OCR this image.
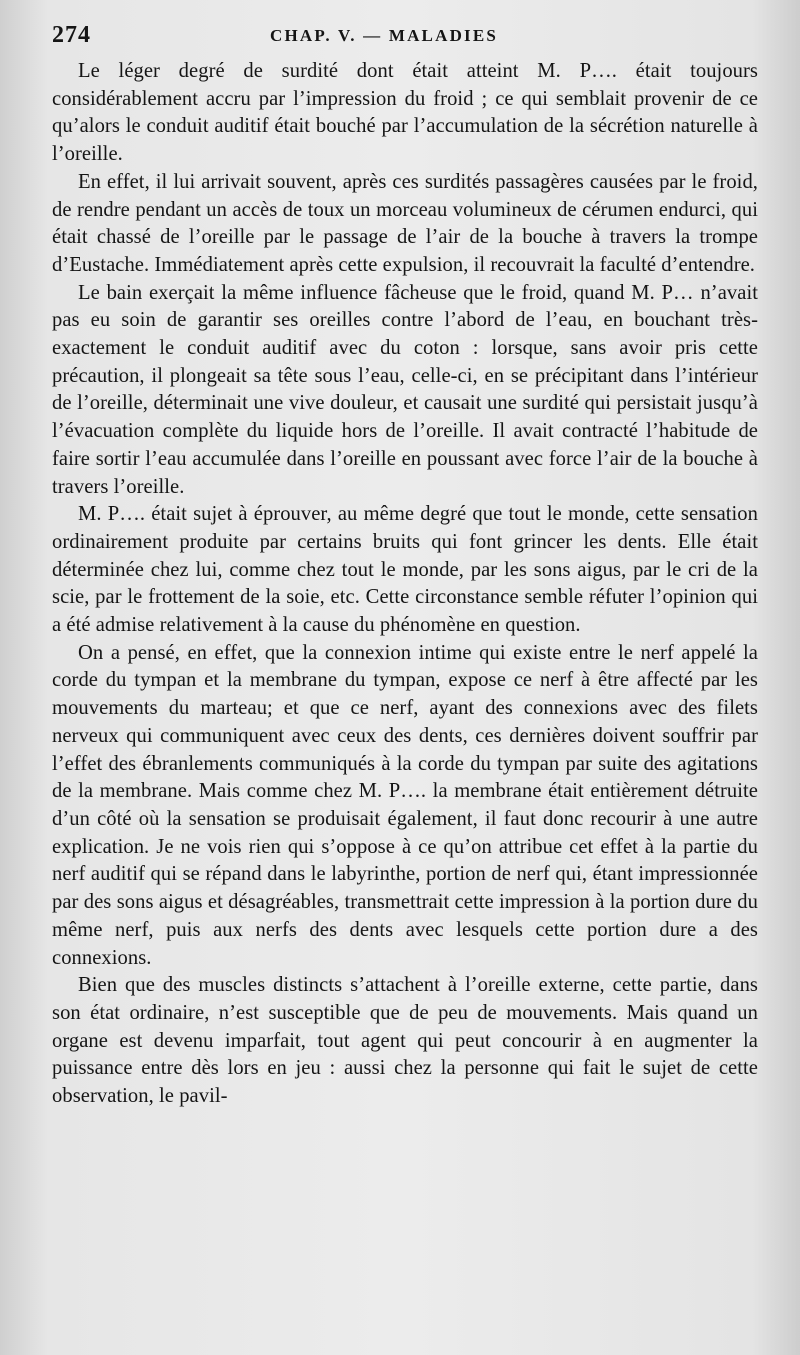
274	CHAP. V. — MALADIES

Le léger degré de surdité dont était atteint M. P…. était toujours considérablement accru par l’impression du froid ; ce qui semblait provenir de ce qu’alors le conduit auditif était bouché par l’accumulation de la sécrétion naturelle à l’oreille.

En effet, il lui arrivait souvent, après ces surdités passagères causées par le froid, de rendre pendant un accès de toux un morceau volumineux de cérumen endurci, qui était chassé de l’oreille par le passage de l’air de la bouche à travers la trompe d’Eustache. Immédiatement après cette expulsion, il recouvrait la faculté d’entendre.

Le bain exerçait la même influence fâcheuse que le froid, quand M. P… n’avait pas eu soin de garantir ses oreilles contre l’abord de l’eau, en bouchant très-exactement le conduit auditif avec du coton : lorsque, sans avoir pris cette précaution, il plongeait sa tête sous l’eau, celle-ci, en se précipitant dans l’intérieur de l’oreille, déterminait une vive douleur, et causait une surdité qui persistait jusqu’à l’évacuation complète du liquide hors de l’oreille. Il avait contracté l’habitude de faire sortir l’eau accumulée dans l’oreille en poussant avec force l’air de la bouche à travers l’oreille.

M. P…. était sujet à éprouver, au même degré que tout le monde, cette sensation ordinairement produite par certains bruits qui font grincer les dents. Elle était déterminée chez lui, comme chez tout le monde, par les sons aigus, par le cri de la scie, par le frottement de la soie, etc. Cette circonstance semble réfuter l’opinion qui a été admise relativement à la cause du phénomène en question.

On a pensé, en effet, que la connexion intime qui existe entre le nerf appelé la corde du tympan et la membrane du tympan, expose ce nerf à être affecté par les mouvements du marteau; et que ce nerf, ayant des connexions avec des filets nerveux qui communiquent avec ceux des dents, ces dernières doivent souffrir par l’effet des ébranlements communiqués à la corde du tympan par suite des agitations de la membrane. Mais comme chez M. P…. la membrane était entièrement détruite d’un côté où la sensation se produisait également, il faut donc recourir à une autre explication. Je ne vois rien qui s’oppose à ce qu’on attribue cet effet à la partie du nerf auditif qui se répand dans le labyrinthe, portion de nerf qui, étant impressionnée par des sons aigus et désagréables, transmettrait cette impression à la portion dure du même nerf, puis aux nerfs des dents avec lesquels cette portion dure a des connexions.

Bien que des muscles distincts s’attachent à l’oreille externe, cette partie, dans son état ordinaire, n’est susceptible que de peu de mouvements. Mais quand un organe est devenu imparfait, tout agent qui peut concourir à en augmenter la puissance entre dès lors en jeu : aussi chez la personne qui fait le sujet de cette observation, le pavil-
